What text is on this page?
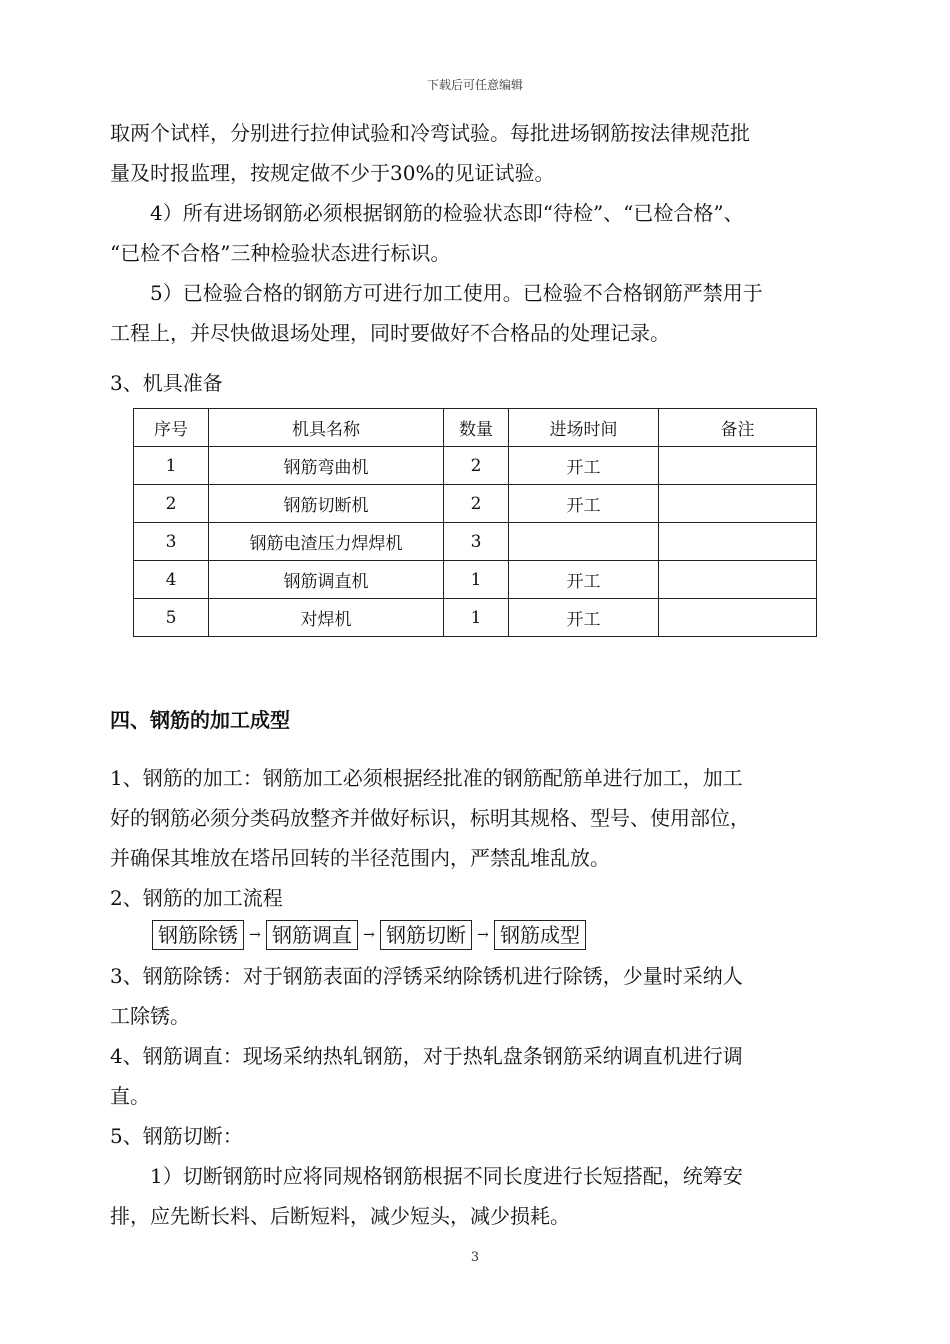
下载后可任意编辑

取两个试样，分别进行拉伸试验和冷弯试验。每批进场钢筋按法律规范批

量及时报监理，按规定做不少于30%的见证试验。

　　4）所有进场钢筋必须根据钢筋的检验状态即“待检”、“已检合格”、

“已检不合格”三种检验状态进行标识。

　　5）已检验合格的钢筋方可进行加工使用。已检验不合格钢筋严禁用于

工程上，并尽快做退场处理，同时要做好不合格品的处理记录。

3、机具准备

序号	机具名称	数量	进场时间	备注
1	钢筋弯曲机	2	开工	
2	钢筋切断机	2	开工	
3	钢筋电渣压力焊焊机	3		
4	钢筋调直机	1	开工	
5	对焊机	1	开工	
四、钢筋的加工成型

1、钢筋的加工：钢筋加工必须根据经批准的钢筋配筋单进行加工，加工

好的钢筋必须分类码放整齐并做好标识，标明其规格、型号、使用部位，

并确保其堆放在塔吊回转的半径范围内，严禁乱堆乱放。

2、钢筋的加工流程

钢筋除锈 → 钢筋调直 → 钢筋切断 → 钢筋成型

3、钢筋除锈：对于钢筋表面的浮锈采纳除锈机进行除锈，少量时采纳人

工除锈。

4、钢筋调直：现场采纳热轧钢筋，对于热轧盘条钢筋采纳调直机进行调

直。

5、钢筋切断：

　　1）切断钢筋时应将同规格钢筋根据不同长度进行长短搭配，统筹安

排，应先断长料、后断短料，减少短头，减少损耗。

3
